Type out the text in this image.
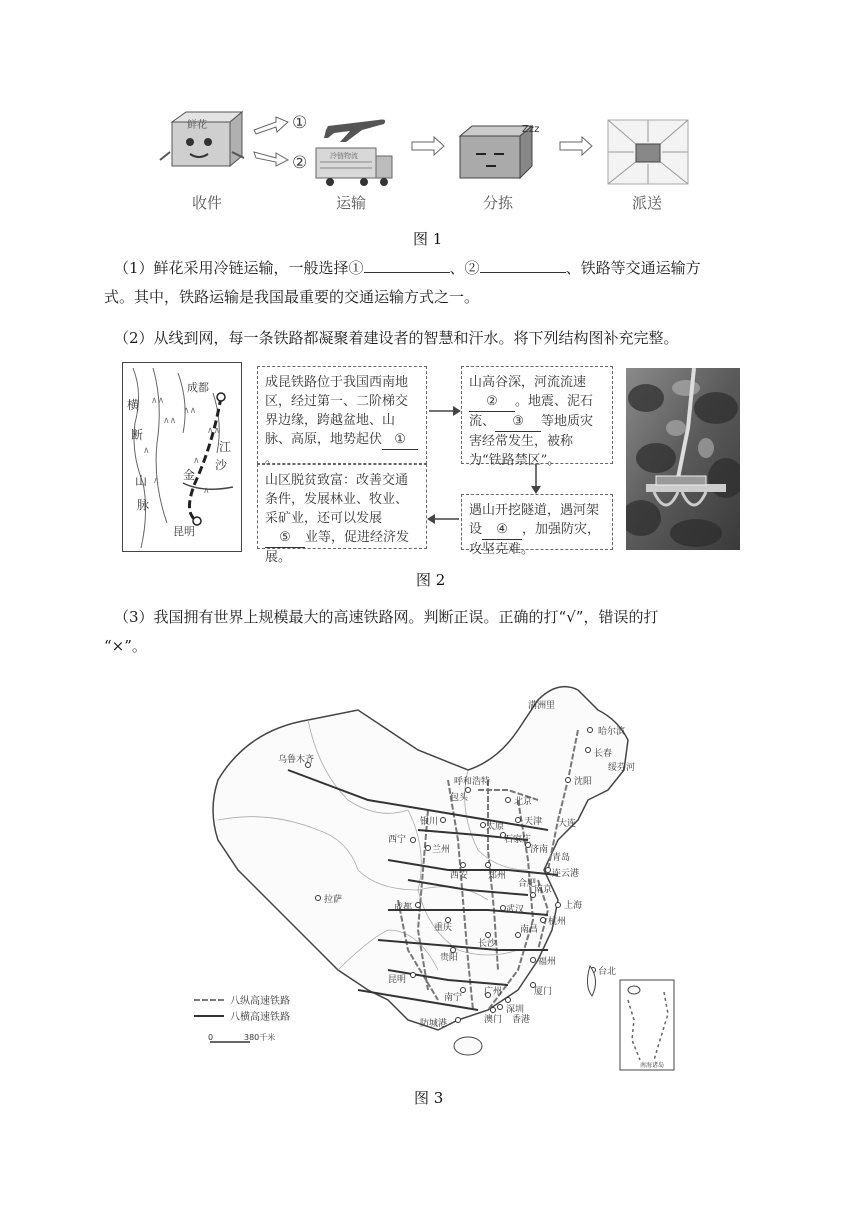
鲜花	①
②	冷链物流
Zzz
收件	运输	分拣	派送
图 1
（1）鲜花采用冷链运输，一般选择①	、②	、铁路等交通运输方
式。其中，铁路运输是我国最重要的交通运输方式之一。
（2）从线到网，每一条铁路都凝聚着建设者的智慧和汗水。将下列结构图补充完整。
∧∧
∧∧
∧∧
∧
∧∧
∧
∧
∧
成都
昆明
横
断
山
脉
江
沙
金
成昆铁路位于我国西南地区，经过第一、二阶梯交界边缘，跨越盆地、山脉、高原，地势起伏 ①。
山高谷深，河流流速② 。地震、泥石流、 ③ 等地质灾害经常发生，被称为“铁路禁区”。
山区脱贫致富：改善交通条件，发展林业、牧业、采矿业，还可以发展⑤ 业等，促进经济发展。
遇山开挖隧道，遇河架设 ④ ，加强防灾，攻坚克难。
图 2
（3）我国拥有世界上规模最大的高速铁路网。判断正误。正确的打“√”，错误的打
“×”。
乌鲁木齐
哈尔滨
长春
沈阳
呼和浩特
北京
天津 大连
银川	太原
石家庄
济南
青岛
西宁
兰州
西安 郑州	连云港
拉萨
成都	武汉
南京
上海
杭州
重庆
长沙
南昌
福州
贵阳
昆明
南宁
广州
深圳
香港
澳门
台北
厦门
防城港
绥芬河
满洲里
包头
合肥
八纵高速铁路
八横高速铁路
0	380千米
南海诸岛
图 3
